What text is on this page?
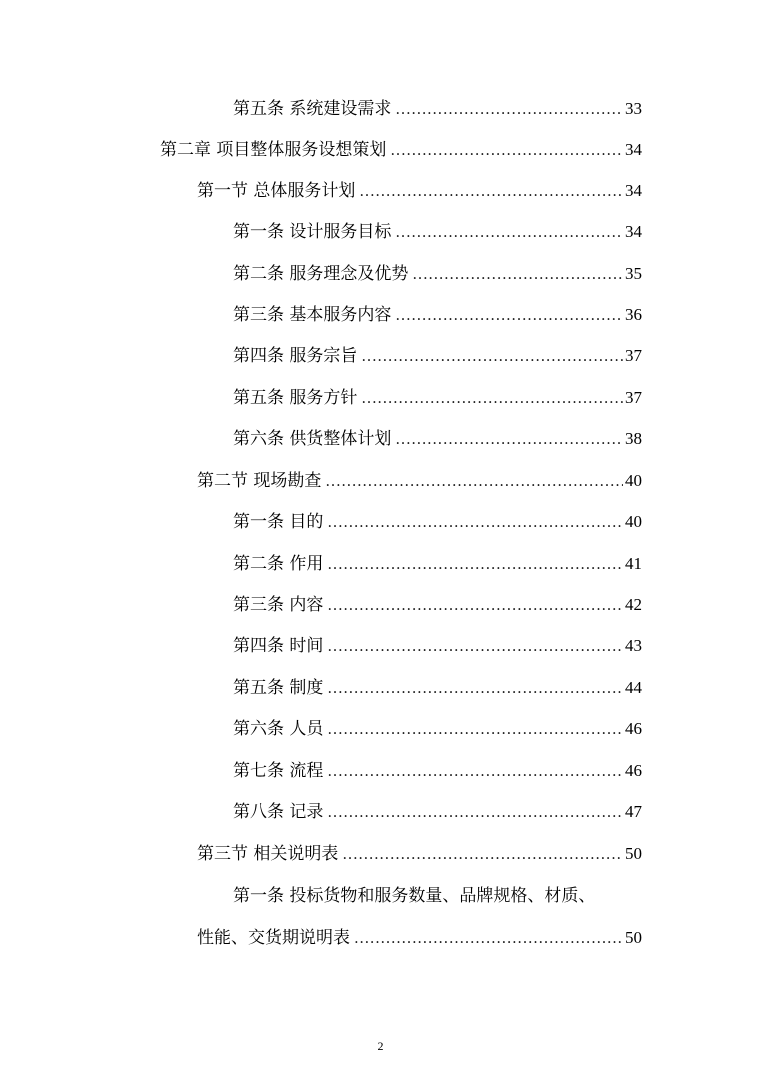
第五条 系统建设需求 .....	33
第二章 项目整体服务设想策划 .....	34
第一节 总体服务计划 .....	34
第一条 设计服务目标 .....	34
第二条 服务理念及优势 .....	35
第三条 基本服务内容 .....	36
第四条 服务宗旨 .....	37
第五条 服务方针 .....	37
第六条 供货整体计划 .....	38
第二节 现场勘查 .....	40
第一条 目的 .....	40
第二条 作用 .....	41
第三条 内容 .....	42
第四条 时间 .....	43
第五条 制度 .....	44
第六条 人员 .....	46
第七条 流程 .....	46
第八条 记录 .....	47
第三节 相关说明表 .....	50
第一条 投标货物和服务数量、品牌规格、材质、
性能、交货期说明表 .....	50
2
